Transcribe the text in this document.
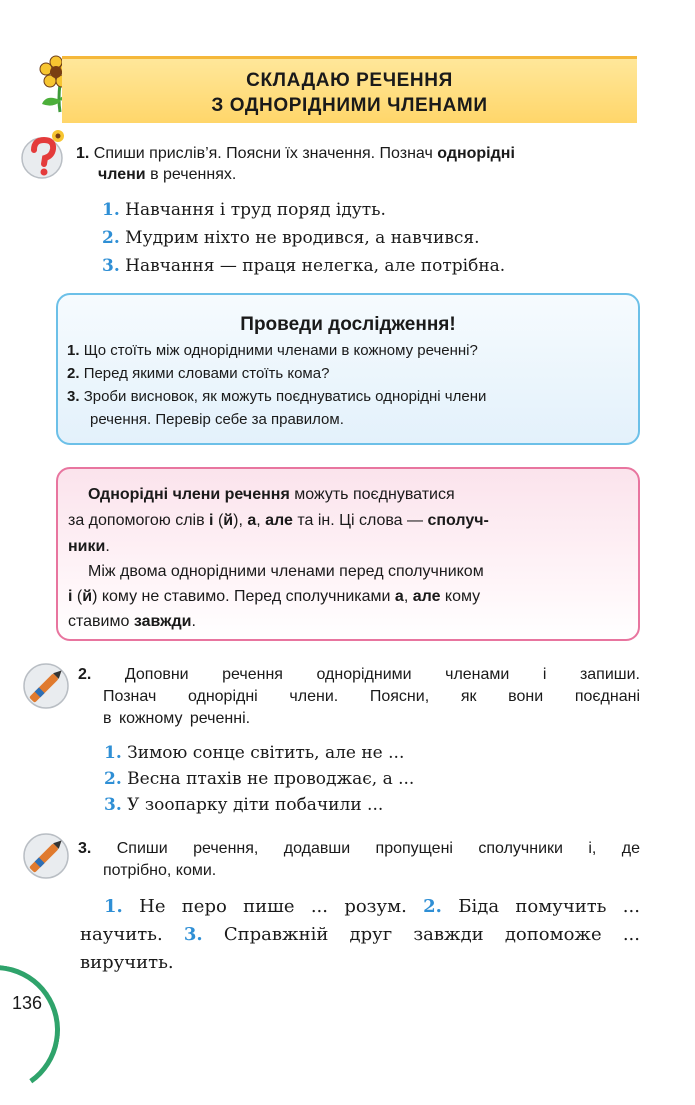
СКЛАДАЮ РЕЧЕННЯ
З ОДНОРІДНИМИ ЧЛЕНАМИ
1. Спиши прислів’я. Поясни їх значення. Познач однорідні
члени в реченнях.
1. Навчання і труд поряд ідуть.
2. Мудрим ніхто не вродився, а навчився.
3. Навчання — праця нелегка, але потрібна.
Проведи дослідження!
1. Що стоїть між однорідними членами в кожному реченні?
2. Перед якими словами стоїть кома?
3. Зроби висновок, як можуть поєднуватись однорідні члени
речення. Перевір себе за правилом.
Однорідні члени речення можуть поєднуватися
за допомогою слів і (й), а, але та ін. Ці слова — сполуч-
ники.
Між двома однорідними членами перед сполучником
і (й) кому не ставимо. Перед сполучниками а, але кому
ставимо завжди.
2. Доповни речення однорідними членами і запиши.
Познач однорідні члени. Поясни, як вони поєднані
в кожному реченні.
1. Зимою сонце світить, але не ...
2. Весна птахів не проводжає, а ...
3. У зоопарку діти побачили ...
3. Спиши речення, додавши пропущені сполучники і, де
потрібно, коми.
1. Не перо пише ... розум. 2. Біда помучить ...
научить. 3. Справжній друг завжди допоможе ...
виручить.
136
